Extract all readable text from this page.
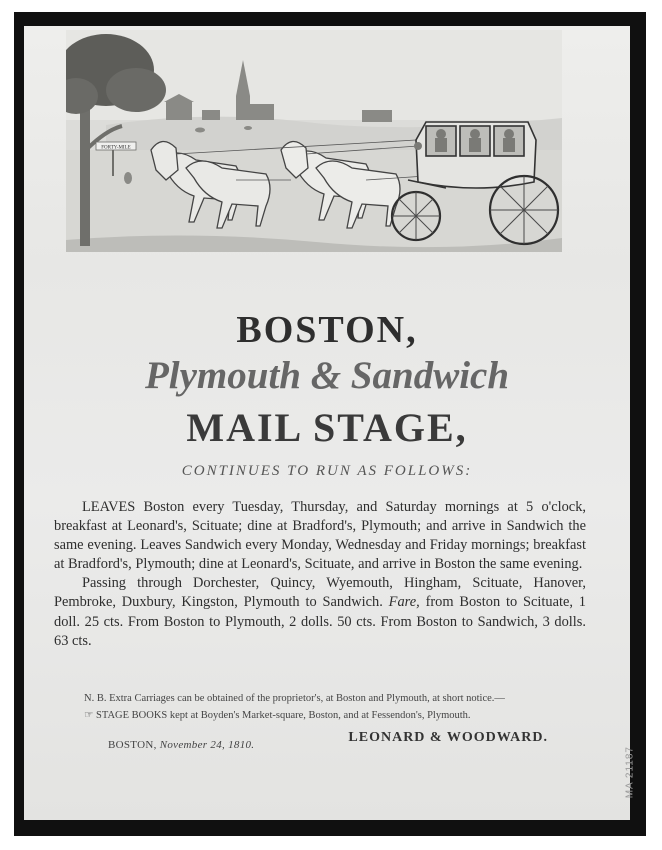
FORTY-MILE
BOSTON,
Plymouth & Sandwich
MAIL STAGE,
CONTINUES TO RUN AS FOLLOWS:

LEAVES Boston every Tuesday, Thursday, and Saturday mornings at 5 o'clock, breakfast at Leonard's, Scituate; dine at Bradford's, Plymouth; and arrive in Sandwich the same evening. Leaves Sandwich every Monday, Wednesday and Friday mornings; breakfast at Bradford's, Plymouth; dine at Leonard's, Scituate, and arrive in Boston the same evening.

Passing through Dorchester, Quincy, Wyemouth, Hingham, Scituate, Hanover, Pembroke, Duxbury, Kingston, Plymouth to Sandwich. Fare, from Boston to Scituate, 1 doll. 25 cts. From Boston to Plymouth, 2 dolls. 50 cts. From Boston to Sandwich, 3 dolls. 63 cts.

N. B. Extra Carriages can be obtained of the proprietor's, at Boston and Plymouth, at short notice.—

☞ STAGE BOOKS kept at Boyden's Market-square, Boston, and at Fessendon's, Plymouth.

BOSTON, November 24, 1810.	LEONARD & WOODWARD.
MA 21187
